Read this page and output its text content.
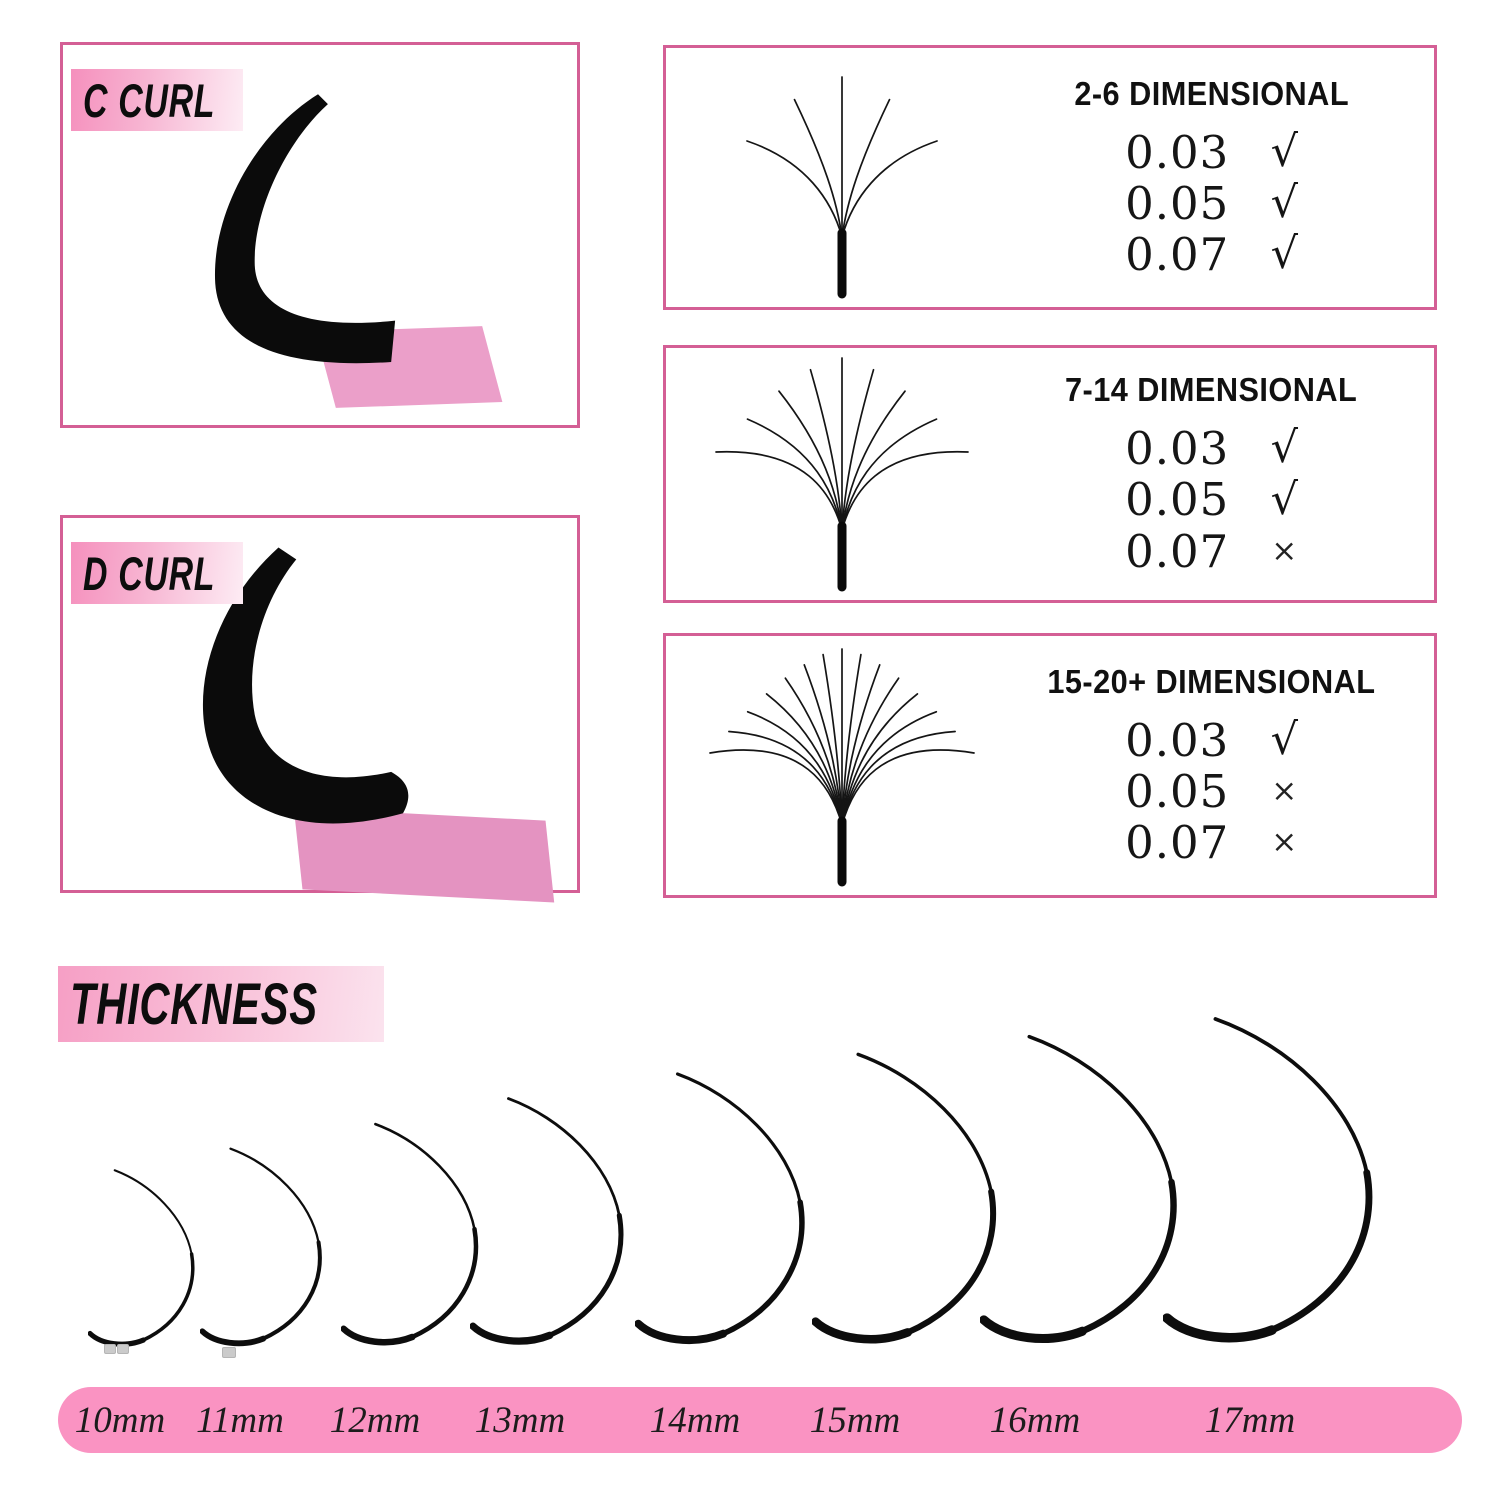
C CURL
D CURL
2-6 DIMENSIONAL
0.03 √
0.05 √
0.07 √
7-14 DIMENSIONAL
0.03 √
0.05 √
0.07	×
15-20+ DIMENSIONAL
0.03 √
0.05	×
0.07	×
THICKNESS
10mm 11mm	12mm	13mm	14mm	15mm	16mm	17mm
